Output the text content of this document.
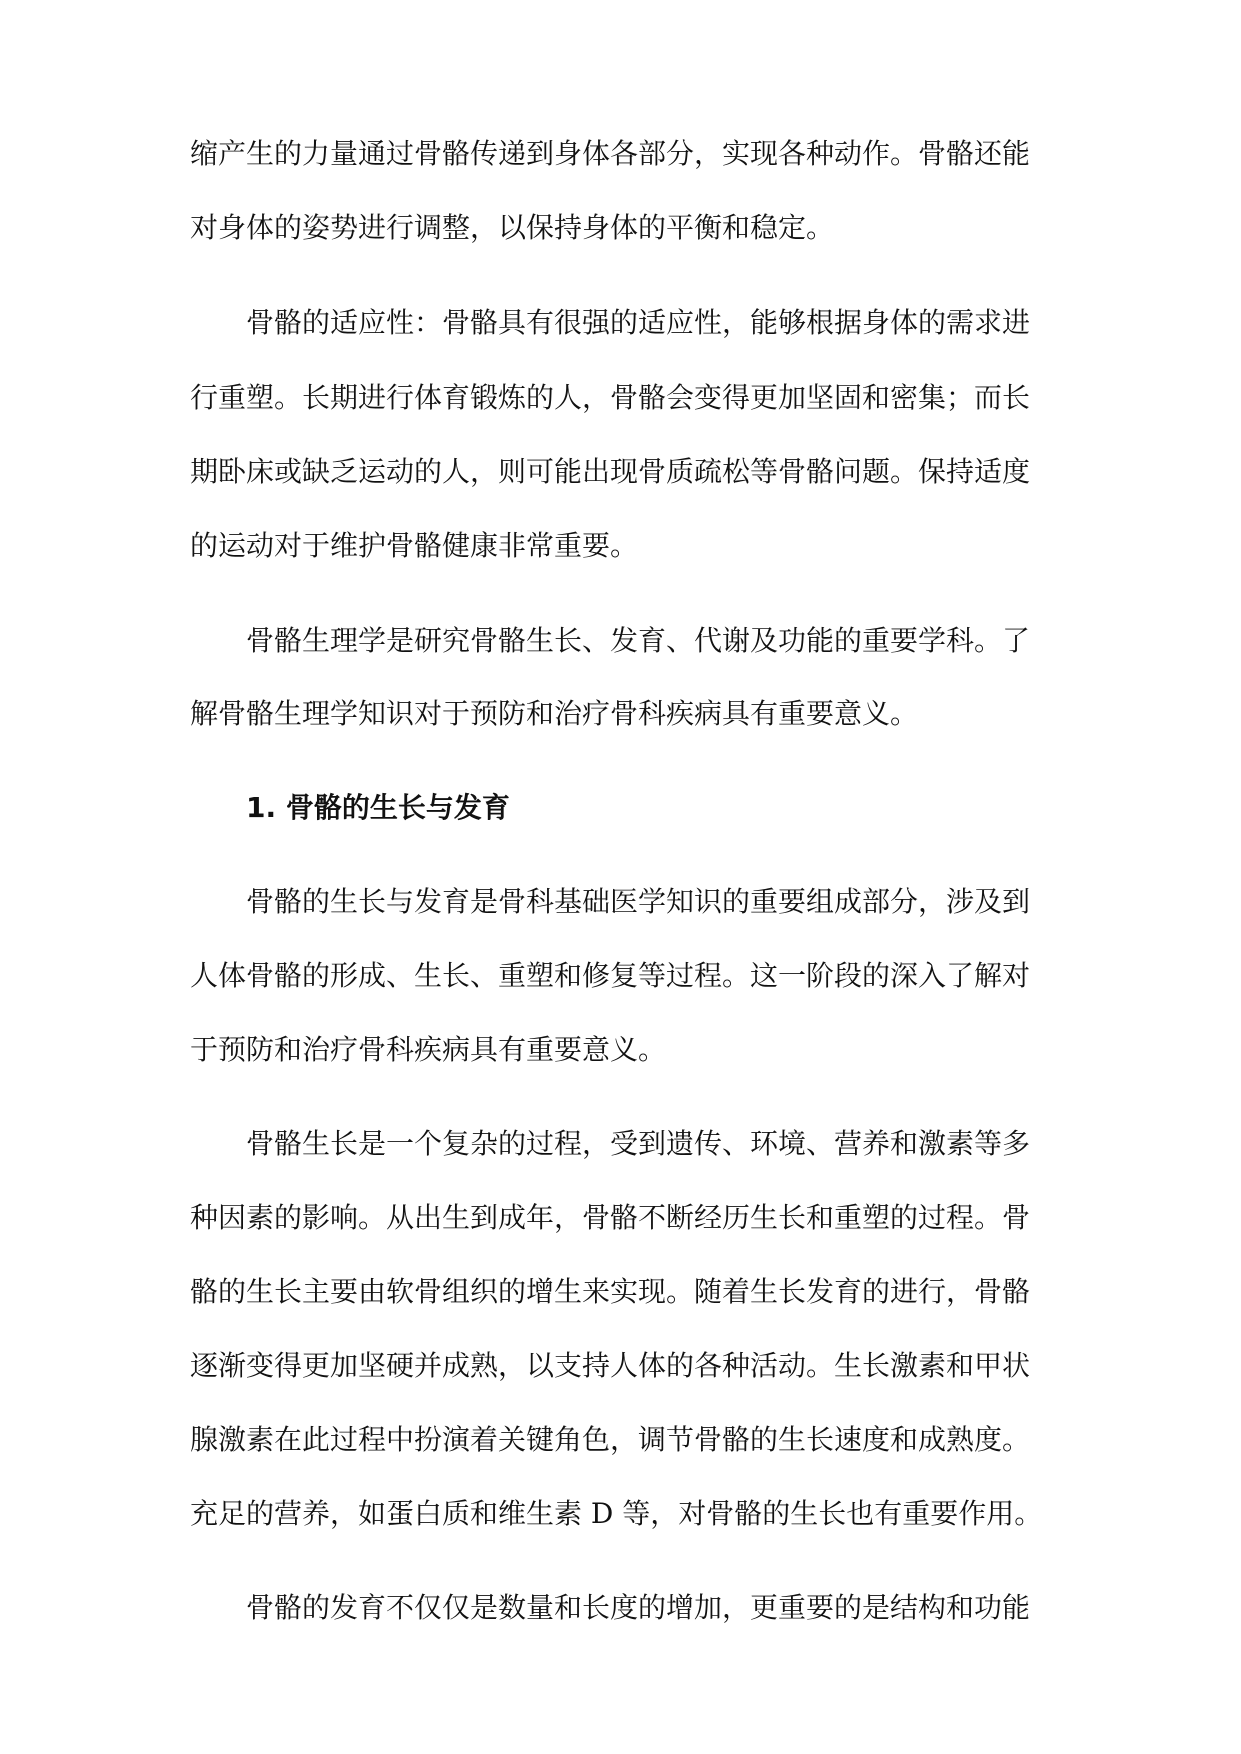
缩产生的力量通过骨骼传递到身体各部分，实现各种动作。骨骼还能
对身体的姿势进行调整，以保持身体的平衡和稳定。
骨骼的适应性：骨骼具有很强的适应性，能够根据身体的需求进
行重塑。长期进行体育锻炼的人，骨骼会变得更加坚固和密集；而长
期卧床或缺乏运动的人，则可能出现骨质疏松等骨骼问题。保持适度
的运动对于维护骨骼健康非常重要。
骨骼生理学是研究骨骼生长、发育、代谢及功能的重要学科。了
解骨骼生理学知识对于预防和治疗骨科疾病具有重要意义。
1. 骨骼的生长与发育
骨骼的生长与发育是骨科基础医学知识的重要组成部分，涉及到
人体骨骼的形成、生长、重塑和修复等过程。这一阶段的深入了解对
于预防和治疗骨科疾病具有重要意义。
骨骼生长是一个复杂的过程，受到遗传、环境、营养和激素等多
种因素的影响。从出生到成年，骨骼不断经历生长和重塑的过程。骨
骼的生长主要由软骨组织的增生来实现。随着生长发育的进行，骨骼
逐渐变得更加坚硬并成熟，以支持人体的各种活动。生长激素和甲状
腺激素在此过程中扮演着关键角色，调节骨骼的生长速度和成熟度。
充足的营养，如蛋白质和维生素 D 等，对骨骼的生长也有重要作用。
骨骼的发育不仅仅是数量和长度的增加，更重要的是结构和功能
